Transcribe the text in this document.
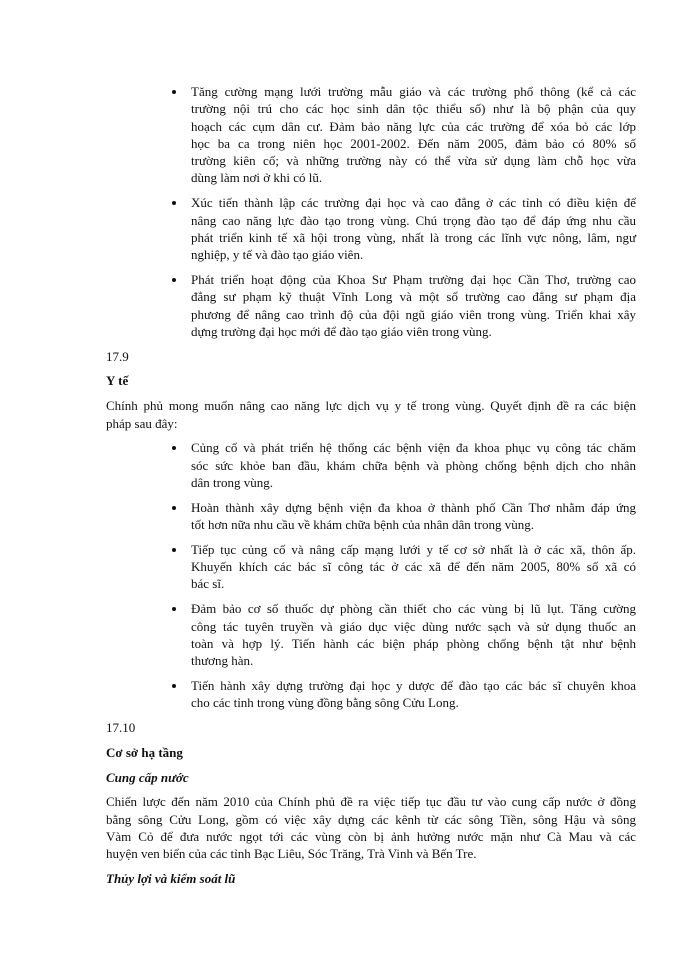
Tăng cường mạng lưới trường mẫu giáo và các trường phổ thông (kể cả các
trường nội trú cho các học sinh dân tộc thiểu số) như là bộ phận của quy
hoạch các cụm dân cư. Đảm bảo năng lực của các trường để xóa bỏ các lớp
học ba ca trong niên học 2001-2002. Đến năm 2005, đảm bảo có 80% số
trường kiên cố; và những trường này có thể vừa sử dụng làm chỗ học vừa
dùng làm nơi ở khi có lũ.
Xúc tiến thành lập các trường đại học và cao đẳng ở các tỉnh có điều kiện để
nâng cao năng lực đào tạo trong vùng. Chú trọng đào tạo để đáp ứng nhu cầu
phát triển kinh tế xã hội trong vùng, nhất là trong các lĩnh vực nông, lâm, ngư
nghiệp, y tế và đào tạo giáo viên.
Phát triển hoạt động của Khoa Sư Phạm trường đại học Cần Thơ, trường cao
đẳng sư phạm kỹ thuật Vĩnh Long và một số trường cao đẳng sư phạm địa
phương để nâng cao trình độ của đội ngũ giáo viên trong vùng. Triển khai xây
dựng trường đại học mới để đào tạo giáo viên trong vùng.
17.9
Y tế
Chính phủ mong muốn nâng cao năng lực dịch vụ y tế trong vùng. Quyết định đề ra các biện
pháp sau đây:
Củng cố và phát triển hệ thống các bệnh viện đa khoa phục vụ công tác chăm
sóc sức khỏe ban đầu, khám chữa bệnh và phòng chống bệnh dịch cho nhân
dân trong vùng.
Hoàn thành xây dựng bệnh viện đa khoa ở thành phố Cần Thơ nhằm đáp ứng
tốt hơn nữa nhu cầu về khám chữa bệnh của nhân dân trong vùng.
Tiếp tục củng cố và nâng cấp mạng lưới y tế cơ sở nhất là ở các xã, thôn ấp.
Khuyến khích các bác sĩ công tác ở các xã để đến năm 2005, 80% số xã có
bác sĩ.
Đảm bảo cơ số thuốc dự phòng cần thiết cho các vùng bị lũ lụt. Tăng cường
công tác tuyên truyền và giáo dục việc dùng nước sạch và sử dụng thuốc an
toàn và hợp lý. Tiến hành các biện pháp phòng chống bệnh tật như bệnh
thương hàn.
Tiến hành xây dựng trường đại học y dược để đào tạo các bác sĩ chuyên khoa
cho các tỉnh trong vùng đồng bằng sông Cửu Long.
17.10
Cơ sở hạ tầng
Cung cấp nước
Chiến lược đến năm 2010 của Chính phủ đề ra việc tiếp tục đầu tư vào cung cấp nước ở đồng
bằng sông Cửu Long, gồm có việc xây dựng các kênh từ các sông Tiền, sông Hậu và sông
Vàm Cỏ để đưa nước ngọt tới các vùng còn bị ảnh hưởng nước mặn như Cà Mau và các
huyện ven biển của các tỉnh Bạc Liêu, Sóc Trăng, Trà Vinh và Bến Tre.
Thủy lợi và kiểm soát lũ
